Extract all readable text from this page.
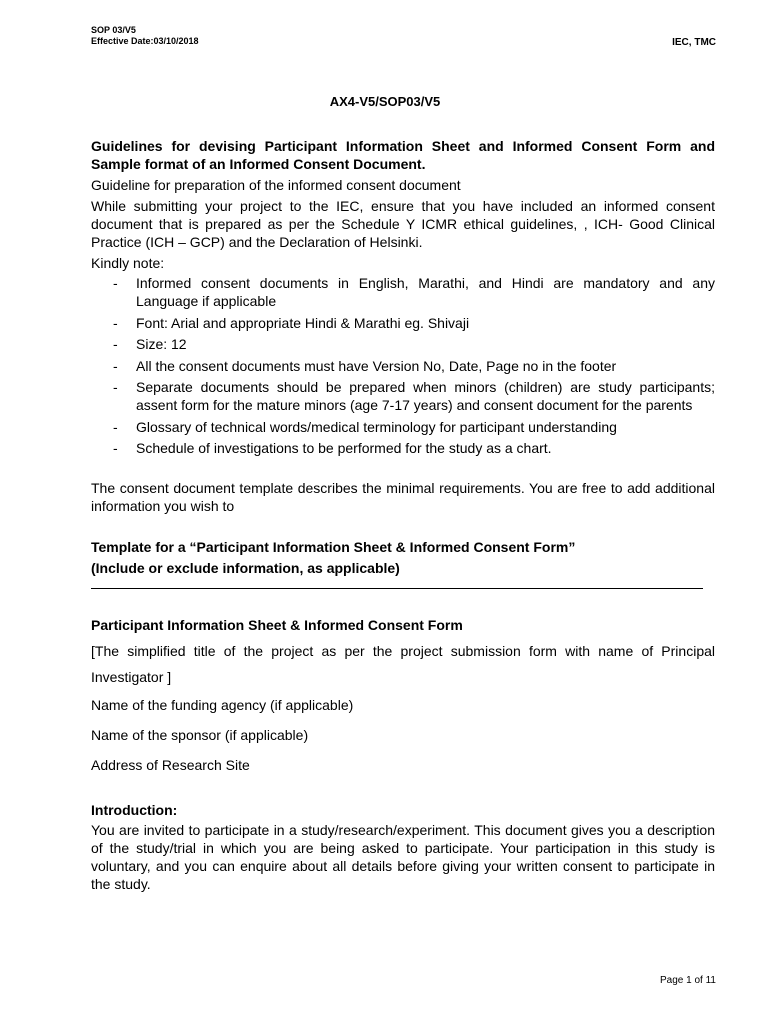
SOP 03/V5
Effective Date:03/10/2018	IEC, TMC
AX4-V5/SOP03/V5

Guidelines for devising Participant Information Sheet and Informed Consent Form and Sample format of an Informed Consent Document.

Guideline for preparation of the informed consent document

While submitting your project to the IEC, ensure that you have included an informed consent document that is prepared as per the Schedule Y ICMR ethical guidelines, , ICH- Good Clinical Practice (ICH – GCP) and the Declaration of Helsinki.

Kindly note:

- Informed consent documents in English, Marathi, and Hindi are mandatory and any Language if applicable
- Font: Arial and appropriate Hindi & Marathi eg. Shivaji
- Size: 12
- All the consent documents must have Version No, Date, Page no in the footer
- Separate documents should be prepared when minors (children) are study participants; assent form for the mature minors (age 7-17 years) and consent document for the parents
- Glossary of technical words/medical terminology for participant understanding
- Schedule of investigations to be performed for the study as a chart.

The consent document template describes the minimal requirements. You are free to add additional information you wish to

Template for a “Participant Information Sheet & Informed Consent Form”

(Include or exclude information, as applicable)

Participant Information Sheet & Informed Consent Form

[The simplified title of the project as per the project submission form with name of Principal Investigator ]

Name of the funding agency (if applicable)

Name of the sponsor (if applicable)

Address of Research Site

Introduction:

You are invited to participate in a study/research/experiment. This document gives you a description of the study/trial in which you are being asked to participate. Your participation in this study is voluntary, and you can enquire about all details before giving your written consent to participate in the study.

Page 1 of 11
